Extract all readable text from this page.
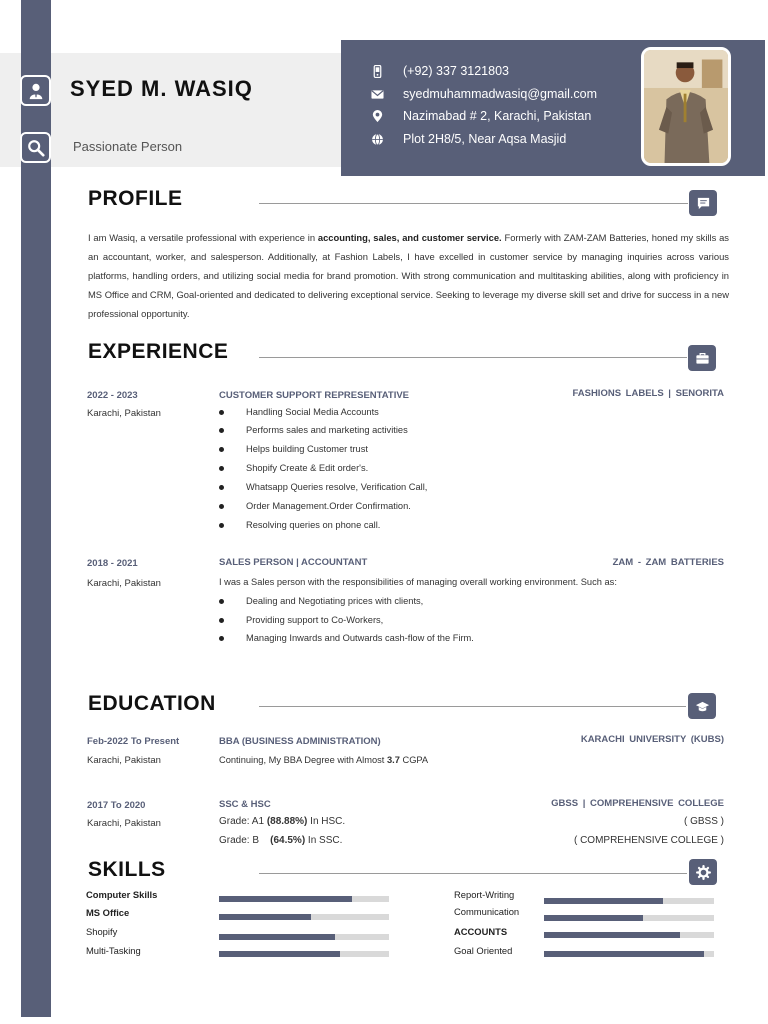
SYED M. WASIQ
Passionate Person
(+92) 337 3121803
syedmuhammadwasiq@gmail.com
Nazimabad # 2, Karachi, Pakistan
Plot 2H8/5, Near Aqsa Masjid
PROFILE
I am Wasiq, a versatile professional with experience in accounting, sales, and customer service. Formerly with ZAM-ZAM Batteries, honed my skills as an accountant, worker, and salesperson. Additionally, at Fashion Labels, I have excelled in customer service by managing inquiries across various platforms, handling orders, and utilizing social media for brand promotion. With strong communication and multitasking abilities, along with proficiency in MS Office and CRM, Goal-oriented and dedicated to delivering exceptional service. Seeking to leverage my diverse skill set and drive for success in a new professional opportunity.
EXPERIENCE
2022 - 2023
Karachi, Pakistan
CUSTOMER SUPPORT REPRESENTATIVE	FASHIONS LABELS | SENORITA
Handling Social Media Accounts
Performs sales and marketing activities
Helps building Customer trust
Shopify Create & Edit order's.
Whatsapp Queries resolve, Verification Call,
Order Management.Order Confirmation.
Resolving queries on phone call.
2018 - 2021
Karachi, Pakistan
SALES PERSON | ACCOUNTANT	ZAM - ZAM BATTERIES
I was a Sales person with the responsibilities of managing overall working environment. Such as:
Dealing and Negotiating prices with clients,
Providing support to Co-Workers,
Managing Inwards and Outwards cash-flow of the Firm.
EDUCATION
Feb-2022 To Present
Karachi, Pakistan
BBA (BUSINESS ADMINISTRATION)	KARACHI UNIVERSITY (KUBS)
Continuing, My BBA Degree with Almost 3.7 CGPA
2017 To 2020
Karachi, Pakistan
SSC & HSC	GBSS | COMPREHENSIVE COLLEGE
Grade: A1 (88.88%) In HSC.
Grade: B    (64.5%) In SSC.
( GBSS )
( COMPREHENSIVE COLLEGE )
SKILLS
Computer Skills
MS Office
Shopify
Multi-Tasking
Report-Writing
Communication
ACCOUNTS
Goal Oriented
